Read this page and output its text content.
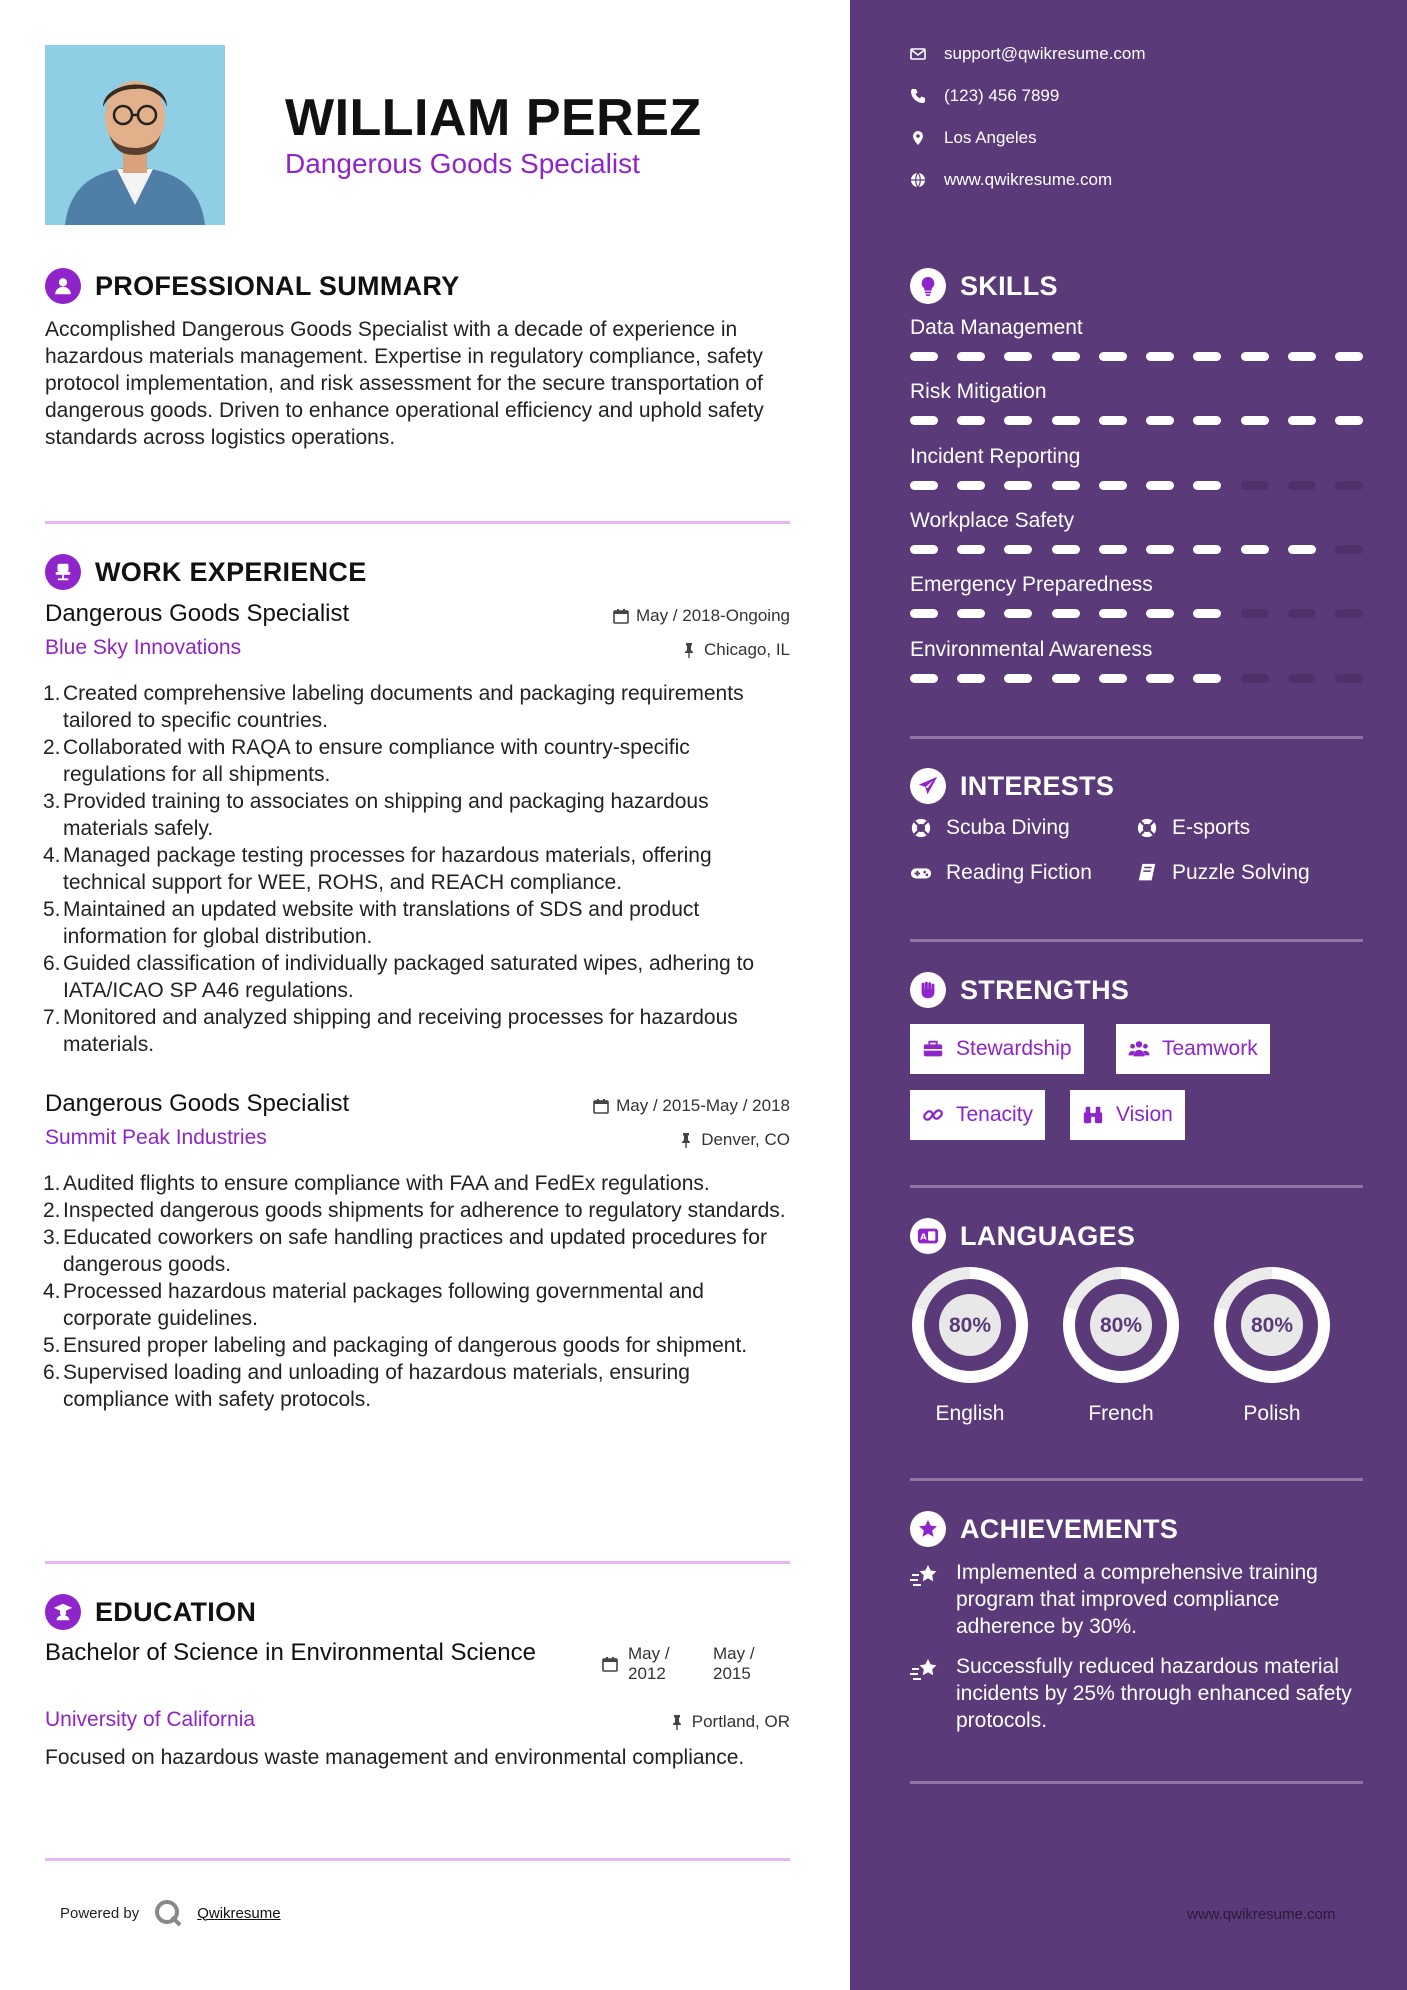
WILLIAM PEREZ
Dangerous Goods Specialist
PROFESSIONAL SUMMARY
Accomplished Dangerous Goods Specialist with a decade of experience in hazardous materials management. Expertise in regulatory compliance, safety protocol implementation, and risk assessment for the secure transportation of dangerous goods. Driven to enhance operational efficiency and uphold safety standards across logistics operations.
WORK EXPERIENCE
Dangerous Goods Specialist	May / 2018-Ongoing
Blue Sky Innovations	Chicago, IL
1. Created comprehensive labeling documents and packaging requirements tailored to specific countries.
2. Collaborated with RAQA to ensure compliance with country-specific regulations for all shipments.
3. Provided training to associates on shipping and packaging hazardous materials safely.
4. Managed package testing processes for hazardous materials, offering technical support for WEE, ROHS, and REACH compliance.
5. Maintained an updated website with translations of SDS and product information for global distribution.
6. Guided classification of individually packaged saturated wipes, adhering to IATA/ICAO SP A46 regulations.
7. Monitored and analyzed shipping and receiving processes for hazardous materials.
Dangerous Goods Specialist	May / 2015-May / 2018
Summit Peak Industries	Denver, CO
1. Audited flights to ensure compliance with FAA and FedEx regulations.
2. Inspected dangerous goods shipments for adherence to regulatory standards.
3. Educated coworkers on safe handling practices and updated procedures for dangerous goods.
4. Processed hazardous material packages following governmental and corporate guidelines.
5. Ensured proper labeling and packaging of dangerous goods for shipment.
6. Supervised loading and unloading of hazardous materials, ensuring compliance with safety protocols.
EDUCATION
Bachelor of Science in Environmental Science	May / 2012
May / 2015
University of California	Portland, OR
Focused on hazardous waste management and environmental compliance.
Powered by	Qwikresume
support@qwikresume.com
(123) 456 7899
Los Angeles
www.qwikresume.com
SKILLS
Data Management
Risk Mitigation
Incident Reporting
Workplace Safety
Emergency Preparedness
Environmental Awareness
INTERESTS
Scuba Diving	E-sports
Reading Fiction	Puzzle Solving
STRENGTHS
Stewardship	Teamwork
Tenacity	Vision
A LANGUAGES
80%
English
80%
French
80%
Polish
ACHIEVEMENTS
Implemented a comprehensive training program that improved compliance adherence by 30%.
Successfully reduced hazardous material incidents by 25% through enhanced safety protocols.
www.qwikresume.com
